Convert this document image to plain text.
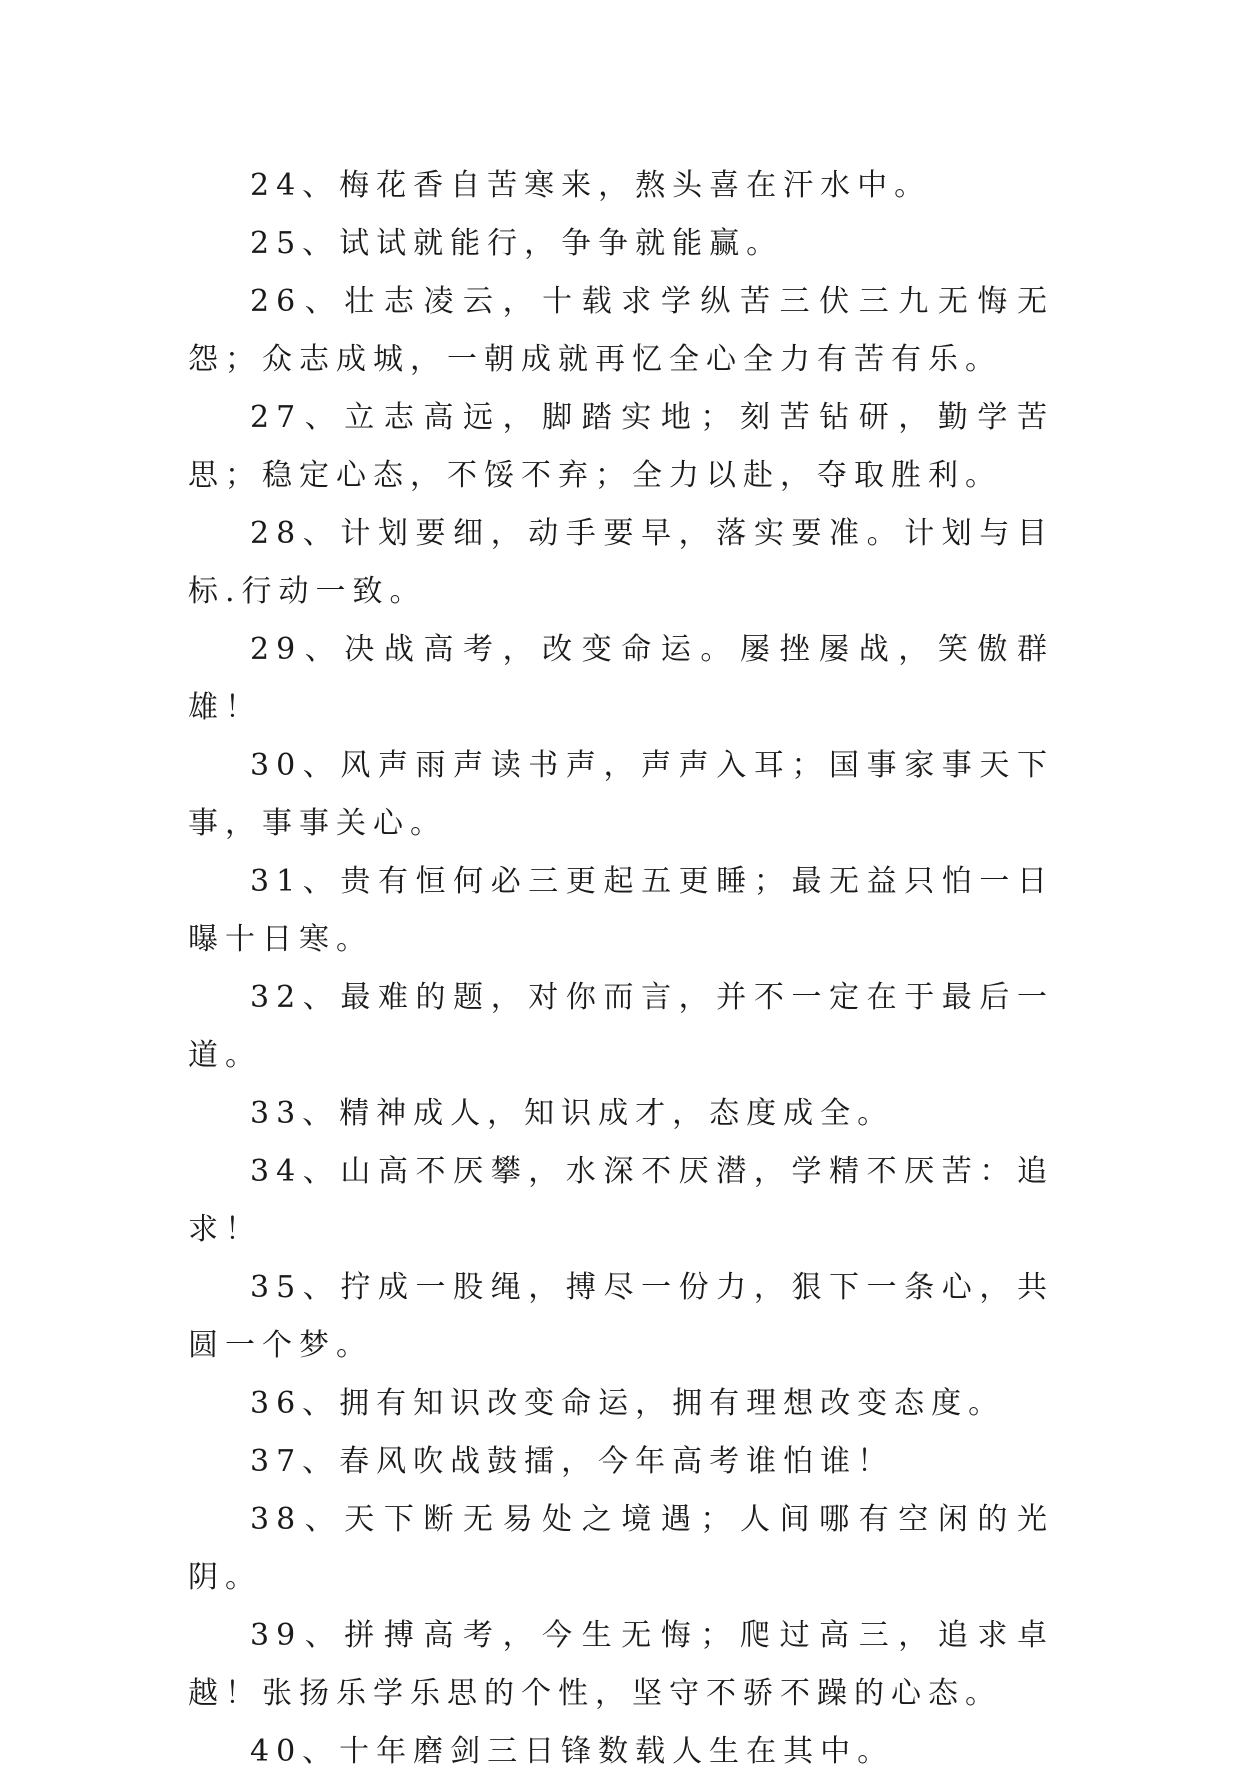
24、梅花香自苦寒来，熬头喜在汗水中。

25、试试就能行，争争就能赢。

26、壮志凌云，十载求学纵苦三伏三九无悔无怨；众志成城，一朝成就再忆全心全力有苦有乐。

27、立志高远，脚踏实地；刻苦钻研，勤学苦思；稳定心态，不馁不弃；全力以赴，夺取胜利。

28、计划要细，动手要早，落实要准。计划与目标.行动一致。

29、决战高考，改变命运。屡挫屡战，笑傲群雄！

30、风声雨声读书声，声声入耳；国事家事天下事，事事关心。

31、贵有恒何必三更起五更睡；最无益只怕一日曝十日寒。

32、最难的题，对你而言，并不一定在于最后一道。

33、精神成人，知识成才，态度成全。

34、山高不厌攀，水深不厌潜，学精不厌苦：追求！

35、拧成一股绳，搏尽一份力，狠下一条心，共圆一个梦。

36、拥有知识改变命运，拥有理想改变态度。

37、春风吹战鼓擂，今年高考谁怕谁！

38、天下断无易处之境遇；人间哪有空闲的光阴。

39、拼搏高考，今生无悔；爬过高三，追求卓越！张扬乐学乐思的个性，坚守不骄不躁的心态。

40、十年磨剑三日锋数载人生在其中。
